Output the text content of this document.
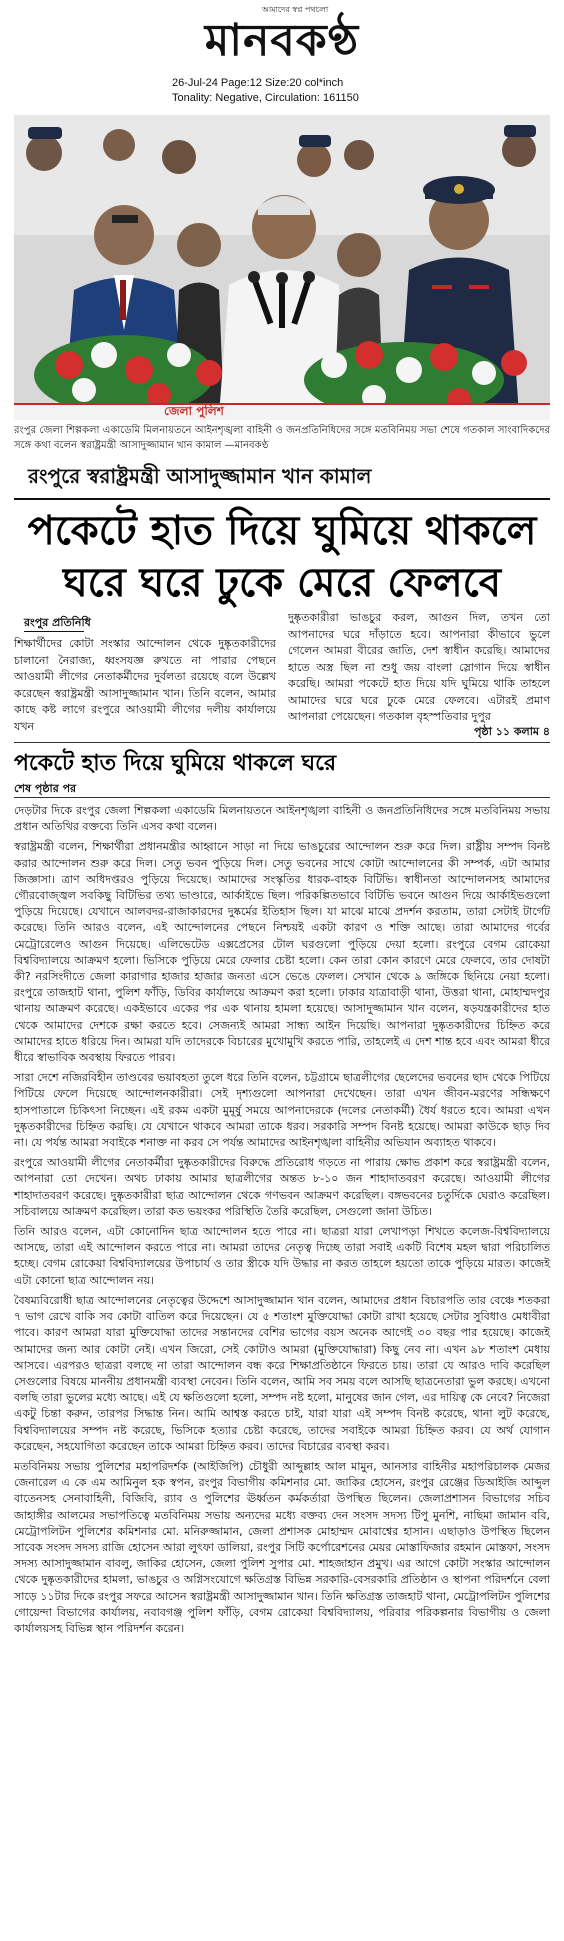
আমাদের স্বপ্ন পথচলা
মানবকণ্ঠ
26-Jul-24 Page:12 Size:20 col*inch
Tonality: Negative, Circulation: 161150
জেলা পুলিশ
রংপুর জেলা শিল্পকলা একাডেমি মিলনায়তনে আইনশৃঙ্খলা বাহিনী ও জনপ্রতিনিধিদের সঙ্গে মতবিনিময় সভা শেষে গতকাল সাংবাদিকদের সঙ্গে কথা বলেন স্বরাষ্ট্রমন্ত্রী আসাদুজ্জামান খান কামাল —মানবকণ্ঠ
রংপুরে স্বরাষ্ট্রমন্ত্রী আসাদুজ্জামান খান কামাল
পকেটে হাত দিয়ে ঘুমিয়ে থাকলে
ঘরে ঘরে ঢুকে মেরে ফেলবে
রংপুর প্রতিনিধি
শিক্ষার্থীদের কোটা সংস্কার আন্দোলন থেকে দুষ্কৃতকারীদের চালানো নৈরাজ্য, ধ্বংসযজ্ঞ রুখতে না পারার পেছনে আওয়ামী লীগের নেতাকর্মীদের দুর্বলতা রয়েছে বলে উল্লেখ করেছেন স্বরাষ্ট্রমন্ত্রী আসাদুজ্জামান খান। তিনি বলেন, আমার কাছে কষ্ট লাগে রংপুরে আওয়ামী লীগের দলীয় কার্যালয়ে যখন
দুষ্কৃতকারীরা ভাঙচুর করল, আগুন দিল, তখন তো আপনাদের ঘরে দাঁড়াতে হবে। আপনারা কীভাবে ভুলে গেলেন আমরা বীরের জাতি, দেশ স্বাধীন করেছি। আমাদের হাতে অস্ত্র ছিল না শুধু জয় বাংলা স্লোগান দিয়ে স্বাধীন করেছি। আমরা পকেটে হাত দিয়ে যদি ঘুমিয়ে থাকি তাহলে আমাদের ঘরে ঘরে ঢুকে মেরে ফেলবে। এটারই প্রমাণ আপনারা পেয়েছেন। গতকাল বৃহস্পতিবার দুপুর
পৃষ্ঠা ১১ কলাম ৪
পকেটে হাত দিয়ে ঘুমিয়ে থাকলে ঘরে
শেষ পৃষ্ঠার পর

দেড়টার দিকে রংপুর জেলা শিল্পকলা একাডেমি মিলনায়তনে আইনশৃঙ্খলা বাহিনী ও জনপ্রতিনিধিদের সঙ্গে মতবিনিময় সভায় প্রধান অতিথির বক্তব্যে তিনি এসব কথা বলেন।

স্বরাষ্ট্রমন্ত্রী বলেন, শিক্ষার্থীরা প্রধানমন্ত্রীর আহ্বানে সাড়া না দিয়ে ভাঙচুরের আন্দোলন শুরু করে দিল। রাষ্ট্রীয় সম্পদ বিনষ্ট করার আন্দোলন শুরু করে দিল। সেতু ভবন পুড়িয়ে দিল। সেতু ভবনের সাথে কোটা আন্দোলনের কী সম্পর্ক, এটা আমার জিজ্ঞাসা। ত্রাণ অধিদপ্তরও পুড়িয়ে দিয়েছে। আমাদের সংস্কৃতির ধারক-বাহক বিটিভি। স্বাধীনতা আন্দোলনসহ আমাদের গৌরবোজ্জ্বল সবকিছু বিটিভির তথ্য ভাণ্ডারে, আর্কাইভে ছিল। পরিকল্পিতভাবে বিটিভি ভবনে আগুন দিয়ে আর্কাইভগুলো পুড়িয়ে দিয়েছে। যেখানে আলবদর-রাজাকারদের দুষ্কর্মের ইতিহাস ছিল। যা মাঝে মাঝে প্রদর্শন করতাম, তারা সেটাই টার্গেট করেছে। তিনি আরও বলেন, এই আন্দোলনের পেছনে নিশ্চয়ই একটা কারণ ও শক্তি আছে। তারা আমাদের গর্বের মেট্রোরেলেও আগুন দিয়েছে। এলিভেটেড এক্সপ্রেসের টোল ঘরগুলো পুড়িয়ে দেয়া হলো। রংপুরে বেগম রোকেয়া বিশ্ববিদ্যালয়ে আক্রমণ হলো। ভিসিকে পুড়িয়ে মেরে ফেলার চেষ্টা হলো। কেন তারা কোন কারণে মেরে ফেলবে, তার দোষটা কী? নরসিংদীতে জেলা কারাগার হাজার হাজার জনতা এসে ভেঙে ফেলল। সেখান থেকে ৯ জঙ্গিকে ছিনিয়ে নেয়া হলো। রংপুরে তাজহাট থানা, পুলিশ ফাঁড়ি, ডিবির কার্যালয়ে আক্রমণ করা হলো। ঢাকার যাত্রাবাড়ী থানা, উত্তরা থানা, মোহাম্মদপুর থানায় আক্রমণ করেছে। একইভাবে একের পর এক থানায় হামলা হয়েছে। আসাদুজ্জামান খান বলেন, ষড়যন্ত্রকারীদের হাত থেকে আমাদের দেশকে রক্ষা করতে হবে। সেজন্যই আমরা সান্ধ্য আইন দিয়েছি। আপনারা দুষ্কৃতকারীদের চিহ্নিত করে আমাদের হাতে ধরিয়ে দিন। আমরা যদি তাদেরকে বিচারের মুখোমুখি করতে পারি, তাহলেই এ দেশ শান্ত হবে এবং আমরা ধীরে ধীরে স্বাভাবিক অবস্থায় ফিরতে পারব।

সারা দেশে নজিরবিহীন তাণ্ডবের ভয়াবহতা তুলে ধরে তিনি বলেন, চট্টগ্রামে ছাত্রলীগের ছেলেদের ভবনের ছাদ থেকে পিটিয়ে পিটিয়ে ফেলে দিয়েছে আন্দোলনকারীরা। সেই দৃশ্যগুলো আপনারা দেখেছেন। তারা এখন জীবন-মরণের সন্ধিক্ষণে হাসপাতালে চিকিৎসা নিচ্ছেন। এই রকম একটা মুমূর্ষু সময়ে আপনাদেরকে (দলের নেতাকর্মী) ধৈর্য ধরতে হবে। আমরা এখন দুষ্কৃতকারীদের চিহ্নিত করছি। যে যেখানে থাকবে আমরা তাকে ধরব। সরকারি সম্পদ বিনষ্ট হয়েছে। আমরা কাউকে ছাড় দিব না। যে পর্যন্ত আমরা সবাইকে শনাক্ত না করব সে পর্যন্ত আমাদের আইনশৃঙ্খলা বাহিনীর অভিযান অব্যাহত থাকবে।

রংপুরে আওয়ামী লীগের নেতাকর্মীরা দুষ্কৃতকারীদের বিরুদ্ধে প্রতিরোধ গড়তে না পারায় ক্ষোভ প্রকাশ করে স্বরাষ্ট্রমন্ত্রী বলেন, আপনারা তো দেখেন। অথচ ঢাকায় আমার ছাত্রলীগের অন্তত ৮-১০ জন শাহাদাতবরণ করেছে। আওয়ামী লীগের শাহাদাতবরণ করেছে। দুষ্কৃতকারীরা ছাত্র আন্দোলন থেকে গণভবন আক্রমণ করেছিল। বঙ্গভবনের চতুর্দিকে ঘেরাও করেছিল। সচিবালয়ে আক্রমণ করেছিল। তারা কত ভয়ংকর পরিস্থিতি তৈরি করেছিল, সেগুলো জানা উচিত।

তিনি আরও বলেন, এটা কোনোদিন ছাত্র আন্দোলন হতে পারে না। ছাত্ররা যারা লেখাপড়া শিখতে কলেজ-বিশ্ববিদ্যালয়ে আসছে, তারা এই আন্দোলন করতে পারে না। আমরা তাদের নেতৃত্ব দিচ্ছে তারা সবাই একটি বিশেষ মহল দ্বারা পরিচালিত হচ্ছে। বেগম রোকেয়া বিশ্ববিদ্যালয়ের উপাচার্য ও তার স্ত্রীকে যদি উদ্ধার না করত তাহলে হয়তো তাকে পুড়িয়ে মারত। কাজেই এটা কোনো ছাত্র আন্দোলন নয়।

বৈষম্যবিরোধী ছাত্র আন্দোলনের নেতৃত্বের উদ্দেশে আসাদুজ্জামান খান বলেন, আমাদের প্রধান বিচারপতি তার বেঞ্চে শতকরা ৭ ভাগ রেখে বাকি সব কোটা বাতিল করে দিয়েছেন। যে ৫ শতাংশ মুক্তিযোদ্ধা কোটা রাখা হয়েছে সেটার সুবিধাও মেধাবীরা পাবে। কারণ আমরা যারা মুক্তিযোদ্ধা তাদের সন্তানদের বেশির ভাগের বয়স অনেক আগেই ৩০ বছর পার হয়েছে। কাজেই আমাদের জন্য আর কোটা নেই। এখন জিরো, সেই কোটাও আমরা (মুক্তিযোদ্ধারা) কিছু নেব না। এখন ৯৮ শতাংশ মেধায় আসবে। এরপরও ছাত্ররা বলছে না তারা আন্দোলন বন্ধ করে শিক্ষাপ্রতিষ্ঠানে ফিরতে চায়। তারা যে আরও দাবি করেছিল সেগুলোর বিষয়ে মাননীয় প্রধানমন্ত্রী ব্যবস্থা নেবেন। তিনি বলেন, আমি সব সময় বলে আসছি ছাত্রনেতারা ভুল করছে। এখনো বলছি তারা ভুলের মধ্যে আছে। এই যে ক্ষতিগুলো হলো, সম্পদ নষ্ট হলো, মানুষের জান গেল, এর দায়িত্ব কে নেবে? নিজেরা একটু চিন্তা করুন, তারপর সিদ্ধান্ত নিন। আমি আশ্বস্ত করতে চাই, যারা যারা এই সম্পদ বিনষ্ট করেছে, থানা লুট করেছে, বিশ্ববিদ্যালয়ের সম্পদ নষ্ট করেছে, ভিসিকে হত্যার চেষ্টা করেছে, তাদের সবাইকে আমরা চিহ্নিত করব। যে অর্থ যোগান করেছেন, সহযোগিতা করেছেন তাকে আমরা চিহ্নিত করব। তাদের বিচারের ব্যবস্থা করব।

মতবিনিময় সভায় পুলিশের মহাপরিদর্শক (আইজিপি) চৌধুরী আব্দুল্লাহ আল মামুন, আনসার বাহিনীর মহাপরিচালক মেজর জেনারেল এ কে এম আমিনুল হক স্বপন, রংপুর বিভাগীয় কমিশনার মো. জাকির হোসেন, রংপুর রেঞ্জের ডিআইজি আব্দুল বাতেনসহ সেনাবাহিনী, বিজিবি, র‍্যাব ও পুলিশের ঊর্ধ্বতন কর্মকর্তারা উপস্থিত ছিলেন। জেলাপ্রশাসন বিভাগের সচিব জাহাঙ্গীর আলমের সভাপতিত্বে মতবিনিময় সভায় অন্যদের মধ্যে বক্তব্য দেন সংসদ সদস্য টিপু মুনশি, নাছিমা জামান ববি, মেট্রোপলিটন পুলিশের কমিশনার মো. মনিরুজ্জামান, জেলা প্রশাসক মোহাম্মদ মোবাশ্বের হাসান। এছাড়াও উপস্থিত ছিলেন সাবেক সংসদ সদস্য রাজি হোসেন আরা লুৎফা ডালিয়া, রংপুর সিটি কর্পোরেশনের মেয়র মোস্তাফিজার রহমান মোস্তফা, সংসদ সদস্য আসাদুজ্জামান বাবলু, জাকির হোসেন, জেলা পুলিশ সুপার মো. শাহজাহান প্রমুখ। এর আগে কোটা সংস্কার আন্দোলন থেকে দুষ্কৃতকারীদের হামলা, ভাঙচুর ও অগ্নিসংযোগে ক্ষতিগ্রস্ত বিভিন্ন সরকারি-বেসরকারি প্রতিষ্ঠান ও স্থাপনা পরিদর্শনে বেলা সাড়ে ১১টার দিকে রংপুর সফরে আসেন স্বরাষ্ট্রমন্ত্রী আসাদুজ্জামান খান। তিনি ক্ষতিগ্রস্ত তাজহাট থানা, মেট্রোপলিটন পুলিশের গোয়েন্দা বিভাগের কার্যালয়, নবাবগঞ্জ পুলিশ ফাঁড়ি, বেগম রোকেয়া বিশ্ববিদ্যালয়, পরিবার পরিকল্পনার বিভাগীয় ও জেলা কার্যালয়সহ বিভিন্ন স্থান পরিদর্শন করেন।
